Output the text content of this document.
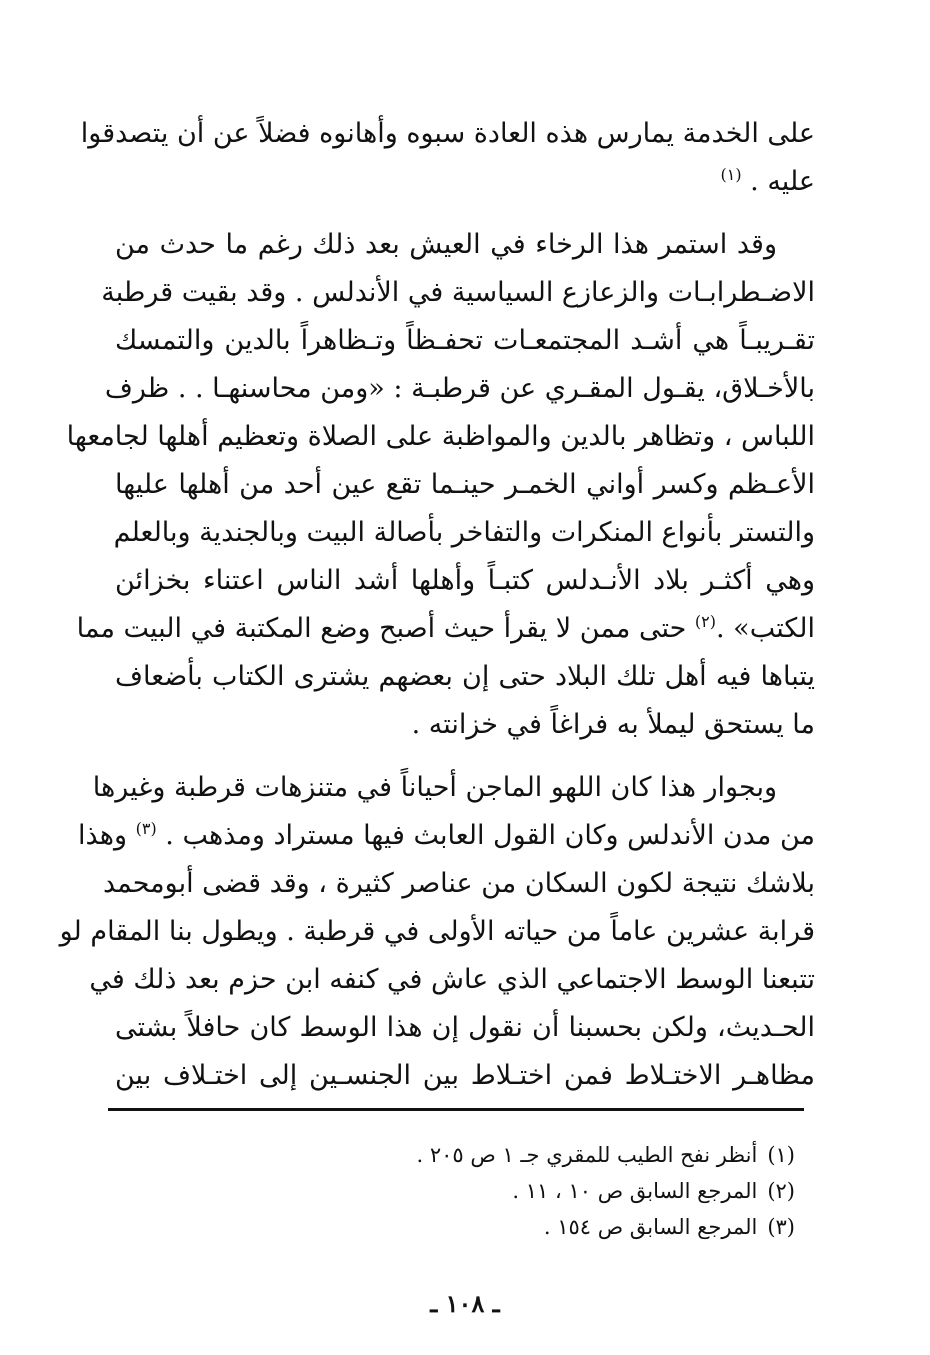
على الخدمة يمارس هذه العادة سبوه وأهانوه فضلاً عن أن يتصدقوا
عليه . $^{(١)}$
وقد استمر هذا الرخاء في العيش بعد ذلك رغم ما حدث من
الاضـطرابـات والزعازع السياسية في الأندلس . وقد بقيت قرطبة
تقـريبـاً هي أشـد المجتمعـات تحفـظاً وتـظاهراً بالدين والتمسك
بالأخـلاق، يقـول المقـري عن قرطبـة : «ومن محاسنهـا . . ظرف
اللباس ، وتظاهر بالدين والمواظبة على الصلاة وتعظيم أهلها لجامعها
الأعـظم وكسر أواني الخمـر حينـما تقع عين أحد من أهلها عليها
والتستر بأنواع المنكرات والتفاخر بأصالة البيت وبالجندية وبالعلم
وهي أكثـر بلاد الأنـدلس كتبـاً وأهلها أشد الناس اعتناء بخزائن
الكتب» .$^{(٢)}$ حتى ممن لا يقرأ حيث أصبح وضع المكتبة في البيت مما
يتباها فيه أهل تلك البلاد حتى إن بعضهم يشترى الكتاب بأضعاف
ما يستحق ليملأ به فراغاً في خزانته .
وبجوار هذا كان اللهو الماجن أحياناً في متنزهات قرطبة وغيرها
من مدن الأندلس وكان القول العابث فيها مستراد ومذهب . $^{(٣)}$ وهذا
بلاشك نتيجة لكون السكان من عناصر كثيرة ، وقد قضى أبومحمد
قرابة عشرين عاماً من حياته الأولى في قرطبة . ويطول بنا المقام لو
تتبعنا الوسط الاجتماعي الذي عاش في كنفه ابن حزم بعد ذلك في
الحـديث، ولكن بحسبنا أن نقول إن هذا الوسط كان حافلاً بشتى
مظاهـر الاختـلاط فمن اختـلاط بين الجنسـين إلى اختـلاف بين
(١)أنظر نفح الطيب للمقري جـ ١ ص ٢٠٥ .
(٢)المرجع السابق ص ١٠ ، ١١ .
(٣)المرجع السابق ص ١٥٤ .
ـ ١٠٨ ـ
